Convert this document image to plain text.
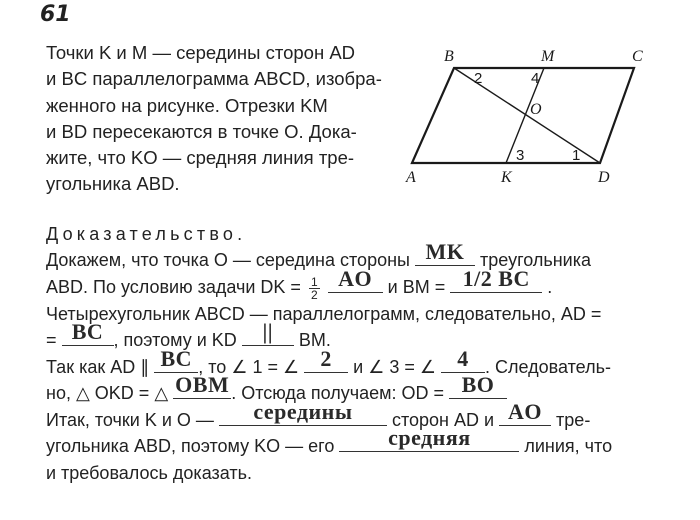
61
Точки K и M — середины сторон AD
и BC параллелограмма ABCD, изобра-
женного на рисунке. Отрезки KM
и BD пересекаются в точке O. Дока-
жите, что KO — средняя линия тре-
угольника ABD.
B	M	C
A	K	D
O
2	4
3	1
Доказательство.
Докажем, что точка O — середина стороны MK треугольника
ABD. По условию задачи DK = $\frac{1}{2}$
AO и BM = 1/2 BC .
Четырехугольник ABCD — параллелограмм, следовательно, AD =
= BC , поэтому и KD	||	BM.
Так как AD ∥ BC , то ∠ 1 = ∠ 2	и ∠ 3 = ∠ 4 . Следователь-
но, △ OKD = △ OBM . Отсюда получаем: OD = BO
Итак, точки K и O —	середины	сторон AD и AO тре-
угольника ABD, поэтому KO — его	средняя	линия, что
и требовалось доказать.
